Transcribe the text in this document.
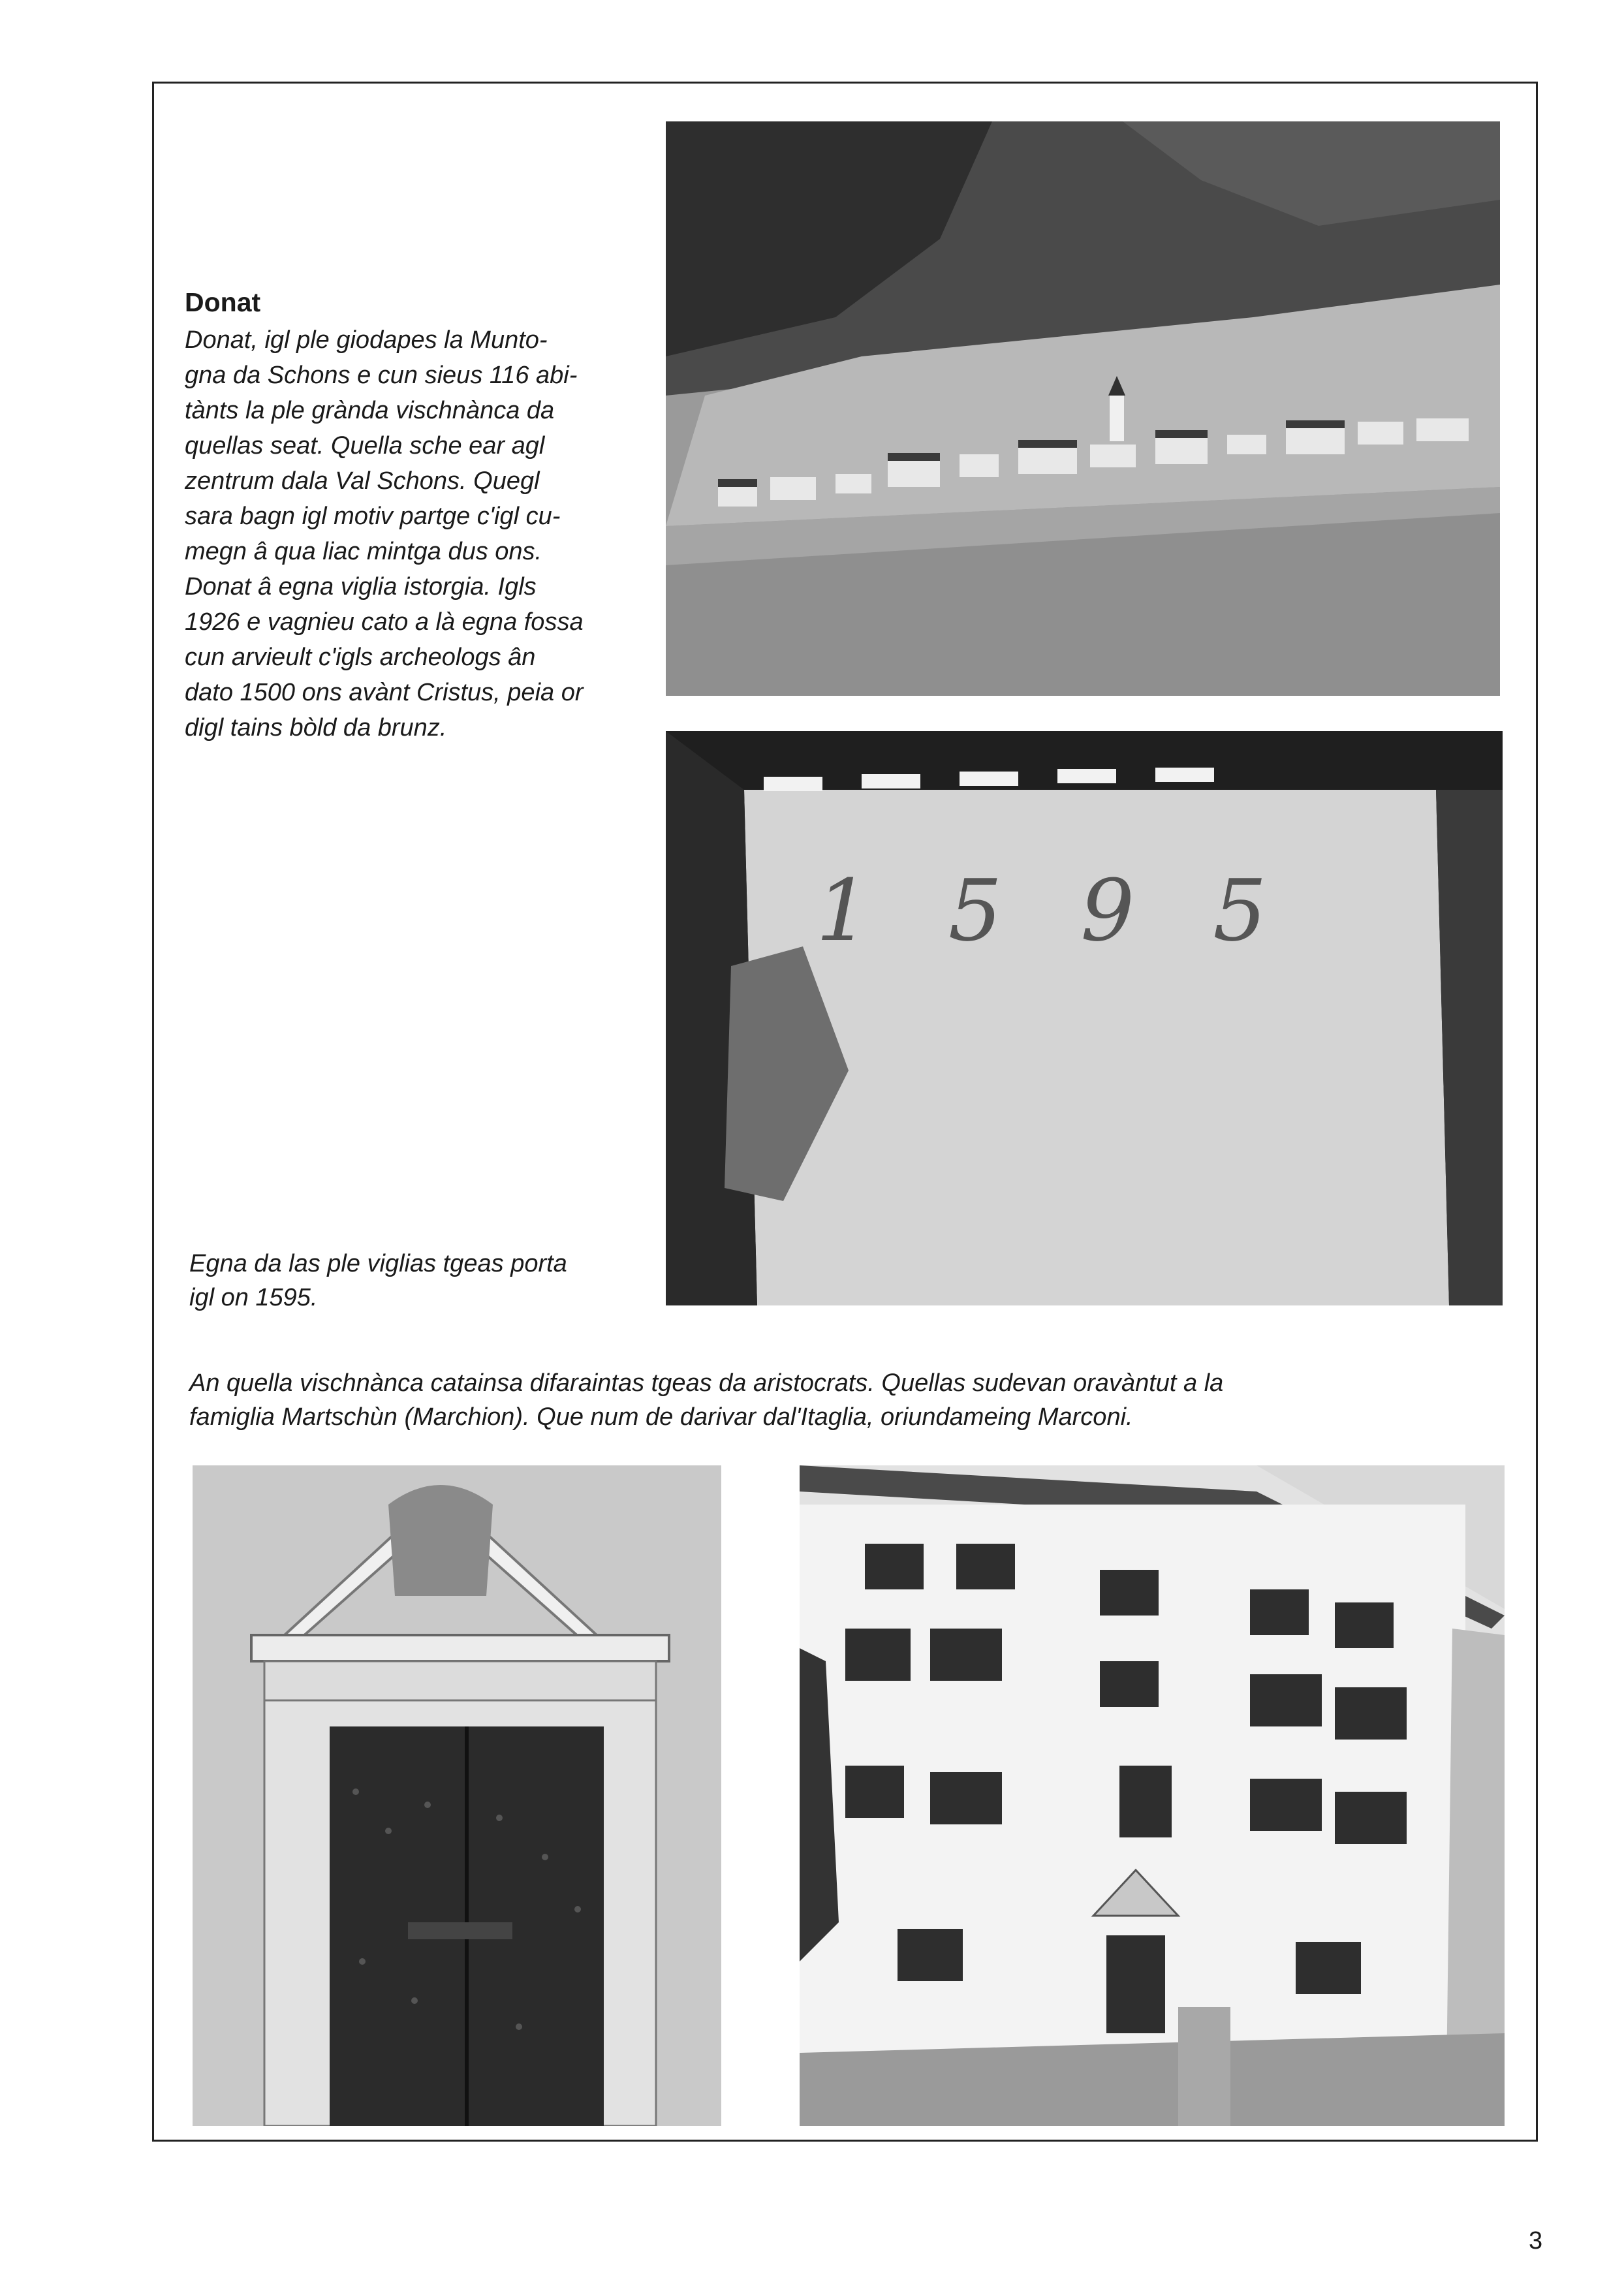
1595
Donat

Donat, igl ple giodapes la Munto-
gna da Schons e cun sieus 116 abi-
tànts la ple grànda vischnànca da
quellas seat. Quella sche ear agl
zentrum dala Val Schons. Quegl
sara bagn igl motiv partge c'igl cu-
megn â qua liac mintga dus ons.
Donat â egna viglia istorgia. Igls
1926 e vagnieu cato a là egna fossa
cun arvieult c'igls archeologs ân
dato 1500 ons avànt Cristus, peia or
digl tains bòld da brunz.

Egna da las ple viglias tgeas porta
igl on 1595.

An quella vischnànca catainsa difaraintas tgeas da aristocrats. Quellas sudevan oravàntut a la
famiglia Martschùn (Marchion). Que num de darivar dal'Itaglia, oriundameing Marconi.

3
